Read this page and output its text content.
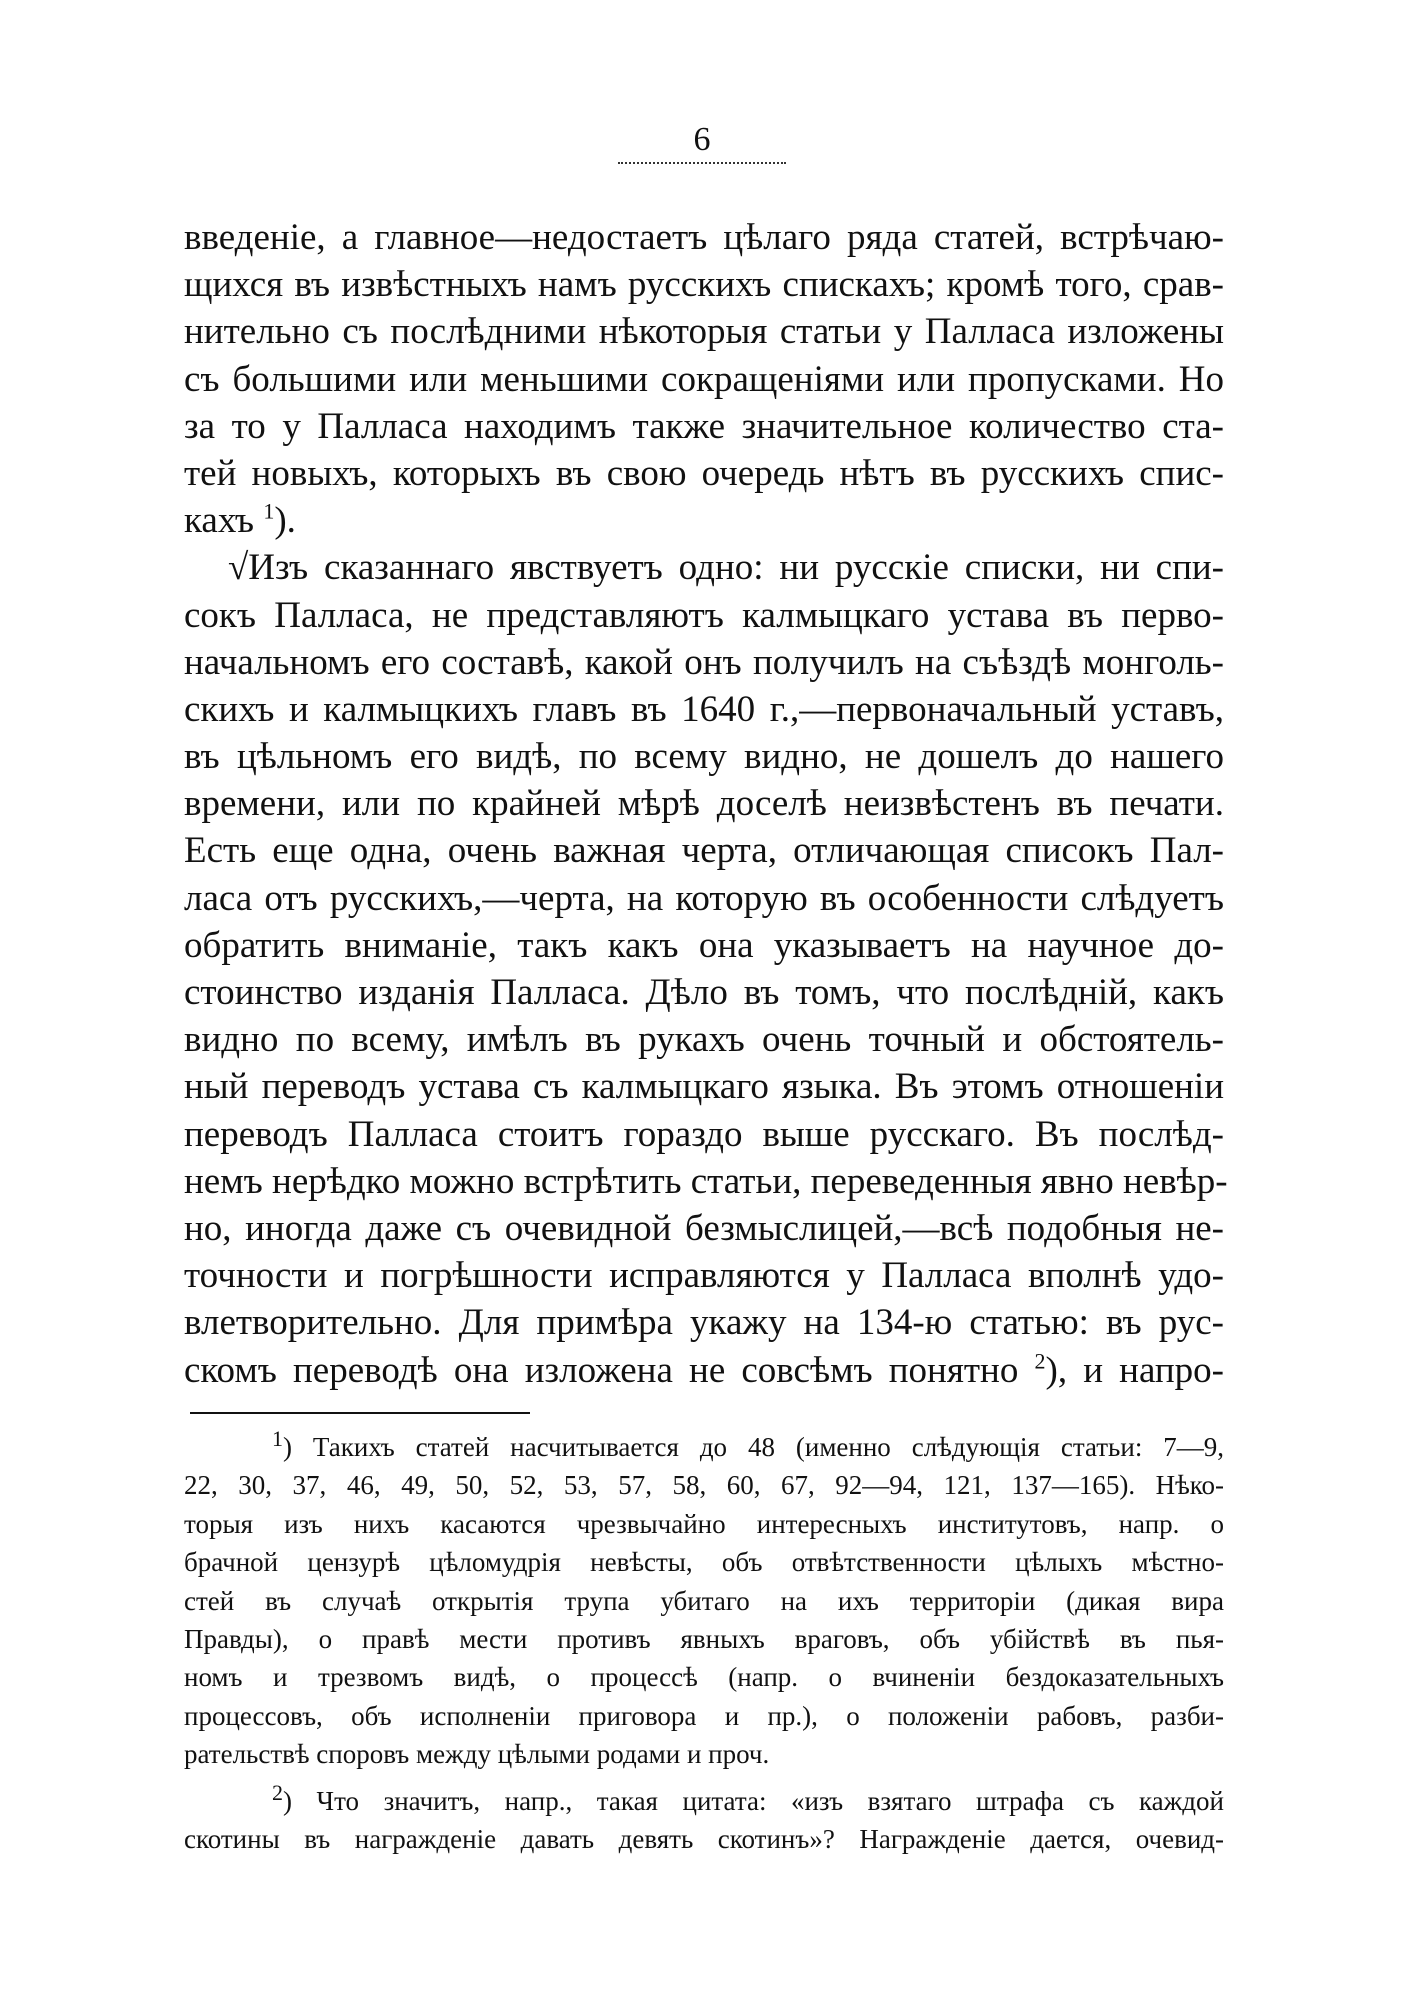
6
введеніе, а главное—недостаетъ цѣлаго ряда статей, встрѣчаю-
щихся въ извѣстныхъ намъ русскихъ спискахъ; кромѣ того, срав-
нительно съ послѣдними нѣкоторыя статьи у Палласа изложены
съ большими или меньшими сокращеніями или пропусками. Но
за то у Палласа находимъ также значительное количество ста-
тей новыхъ, которыхъ въ свою очередь нѣтъ въ русскихъ спис-
кахъ $^1$).
√Изъ сказаннаго явствуетъ одно: ни русскіе списки, ни спи-
сокъ Палласа, не представляютъ калмыцкаго устава въ перво-
начальномъ его составѣ, какой онъ получилъ на съѣздѣ монголь-
скихъ и калмыцкихъ главъ въ 1640 г.,—первоначальный уставъ,
въ цѣльномъ его видѣ, по всему видно, не дошелъ до нашего
времени, или по крайней мѣрѣ доселѣ неизвѣстенъ въ печати.
Есть еще одна, очень важная черта, отличающая списокъ Пал-
ласа отъ русскихъ,—черта, на которую въ особенности слѣдуетъ
обратить вниманіе, такъ какъ она указываетъ на научное до-
стоинство изданія Палласа. Дѣло въ томъ, что послѣдній, какъ
видно по всему, имѣлъ въ рукахъ очень точный и обстоятель-
ный переводъ устава съ калмыцкаго языка. Въ этомъ отношеніи
переводъ Палласа стоитъ гораздо выше русскаго. Въ послѣд-
немъ нерѣдко можно встрѣтить статьи, переведенныя явно невѣр-
но, иногда даже съ очевидной безмыслицей,—всѣ подобныя не-
точности и погрѣшности исправляются у Палласа вполнѣ удо-
влетворительно. Для примѣра укажу на 134-ю статью: въ рус-
скомъ переводѣ она изложена не совсѣмъ понятно $^2$), и напро-
$^1$) Такихъ статей насчитывается до 48 (именно слѣдующія статьи: 7—9,
22, 30, 37, 46, 49, 50, 52, 53, 57, 58, 60, 67, 92—94, 121, 137—165). Нѣко-
торыя изъ нихъ касаются чрезвычайно интересныхъ институтовъ, напр. о
брачной цензурѣ цѣломудрія невѣсты, объ отвѣтственности цѣлыхъ мѣстно-
стей въ случаѣ открытія трупа убитаго на ихъ территоріи (дикая вира
Правды), о правѣ мести противъ явныхъ враговъ, объ убійствѣ въ пья-
номъ и трезвомъ видѣ, о процессѣ (напр. о вчиненіи бездоказательныхъ
процессовъ, объ исполненіи приговора и пр.), о положеніи рабовъ, разби-
рательствѣ споровъ между цѣлыми родами и проч.
$^2$) Что значитъ, напр., такая цитата: «изъ взятаго штрафа съ каждой
скотины въ награжденіе давать девять скотинъ»? Награжденіе дается, очевид-
